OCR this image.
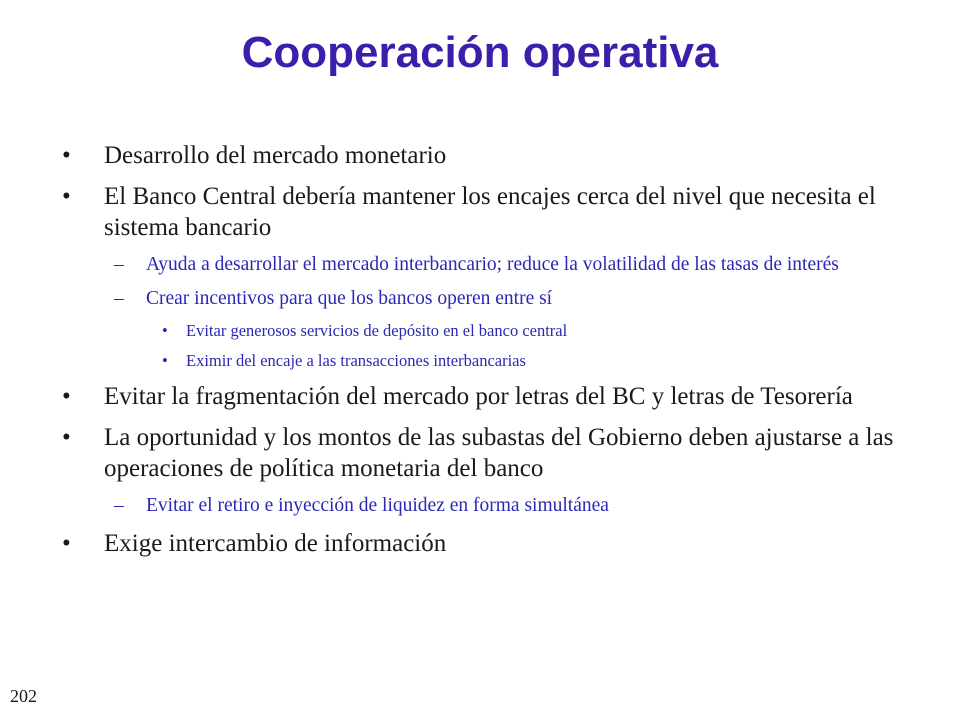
Cooperación operativa
• Desarrollo del mercado monetario
• El Banco Central debería mantener los encajes cerca del nivel que necesita el sistema bancario
– Ayuda a desarrollar el mercado interbancario; reduce la volatilidad de las tasas de interés
– Crear incentivos para que los bancos operen entre sí
• Evitar generosos servicios de depósito en el banco central
• Eximir del encaje a las transacciones interbancarias
• Evitar la fragmentación del mercado por letras del BC y letras de Tesorería
• La oportunidad y los montos de las subastas del Gobierno deben ajustarse a las operaciones de política monetaria del banco
– Evitar el retiro e inyección de liquidez en forma simultánea
• Exige intercambio de información
202
